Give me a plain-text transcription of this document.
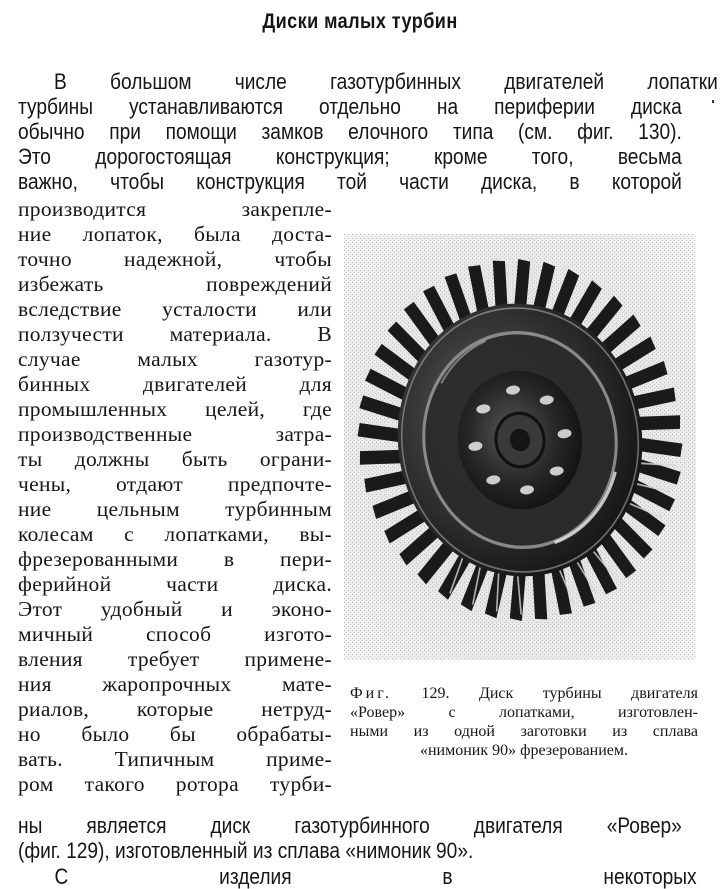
Диски малых турбин
В большом числе газотурбинных двигателей лопатки
турбины устанавливаются отдельно на периферии диска
обычно при помощи замков елочного типа (см. фиг. 130).
Это дорогостоящая конструкция; кроме того, весьма
важно, чтобы конструкция той части диска, в которой
производится закрепле-
ние лопаток, была доста-
точно надежной, чтобы
избежать повреждений
вследствие усталости или
ползучести материала. В
случае малых газотур-
бинных двигателей для
промышленных целей, где
производственные затра-
ты должны быть ограни-
чены, отдают предпочте-
ние цельным турбинным
колесам с лопатками, вы-
фрезерованными в пери-
ферийной части диска.
Этот удобный и эконо-
мичный способ изгото-
вления требует примене-
ния жаропрочных мате-
риалов, которые нетруд-
но было бы обрабаты-
вать. Типичным приме-
ром такого ротора турби-
ны является диск газотурбинного двигателя «Ровер»
(фиг. 129), изготовленный из сплава «нимоник 90».
С изделия в некоторых
Фиг. 129. Диск турбины двигателя
«Ровер» с лопатками, изготовлен-
ными из одной заготовки из сплава
«нимоник 90» фрезерованием.
